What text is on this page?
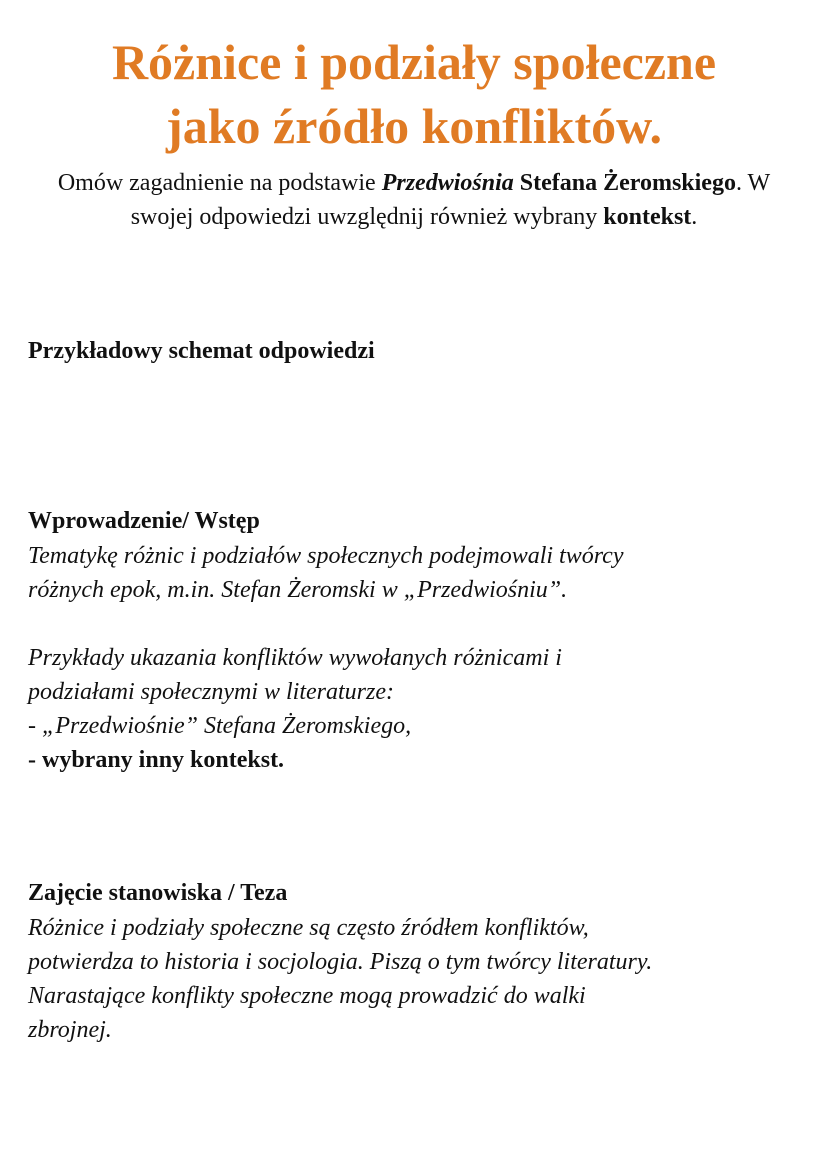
Różnice i podziały społeczne
jako źródło konfliktów.

Omów zagadnienie na podstawie Przedwiośnia Stefana Żeromskiego. W swojej odpowiedzi uwzględnij również wybrany kontekst.

Przykładowy schemat odpowiedzi
Wprowadzenie/ Wstęp

Tematykę różnic i podziałów społecznych podejmowali twórcy
różnych epok, m.in. Stefan Żeromski w „Przedwiośniu”.

Przykłady ukazania konfliktów wywołanych różnicami i
podziałami społecznymi w literaturze:
- „Przedwiośnie” Stefana Żeromskiego,
- wybrany inny kontekst.

Zajęcie stanowiska / Teza

Różnice i podziały społeczne są często źródłem konfliktów,
potwierdza to historia i socjologia. Piszą o tym twórcy literatury.
Narastające konflikty społeczne mogą prowadzić do walki
zbrojnej.
